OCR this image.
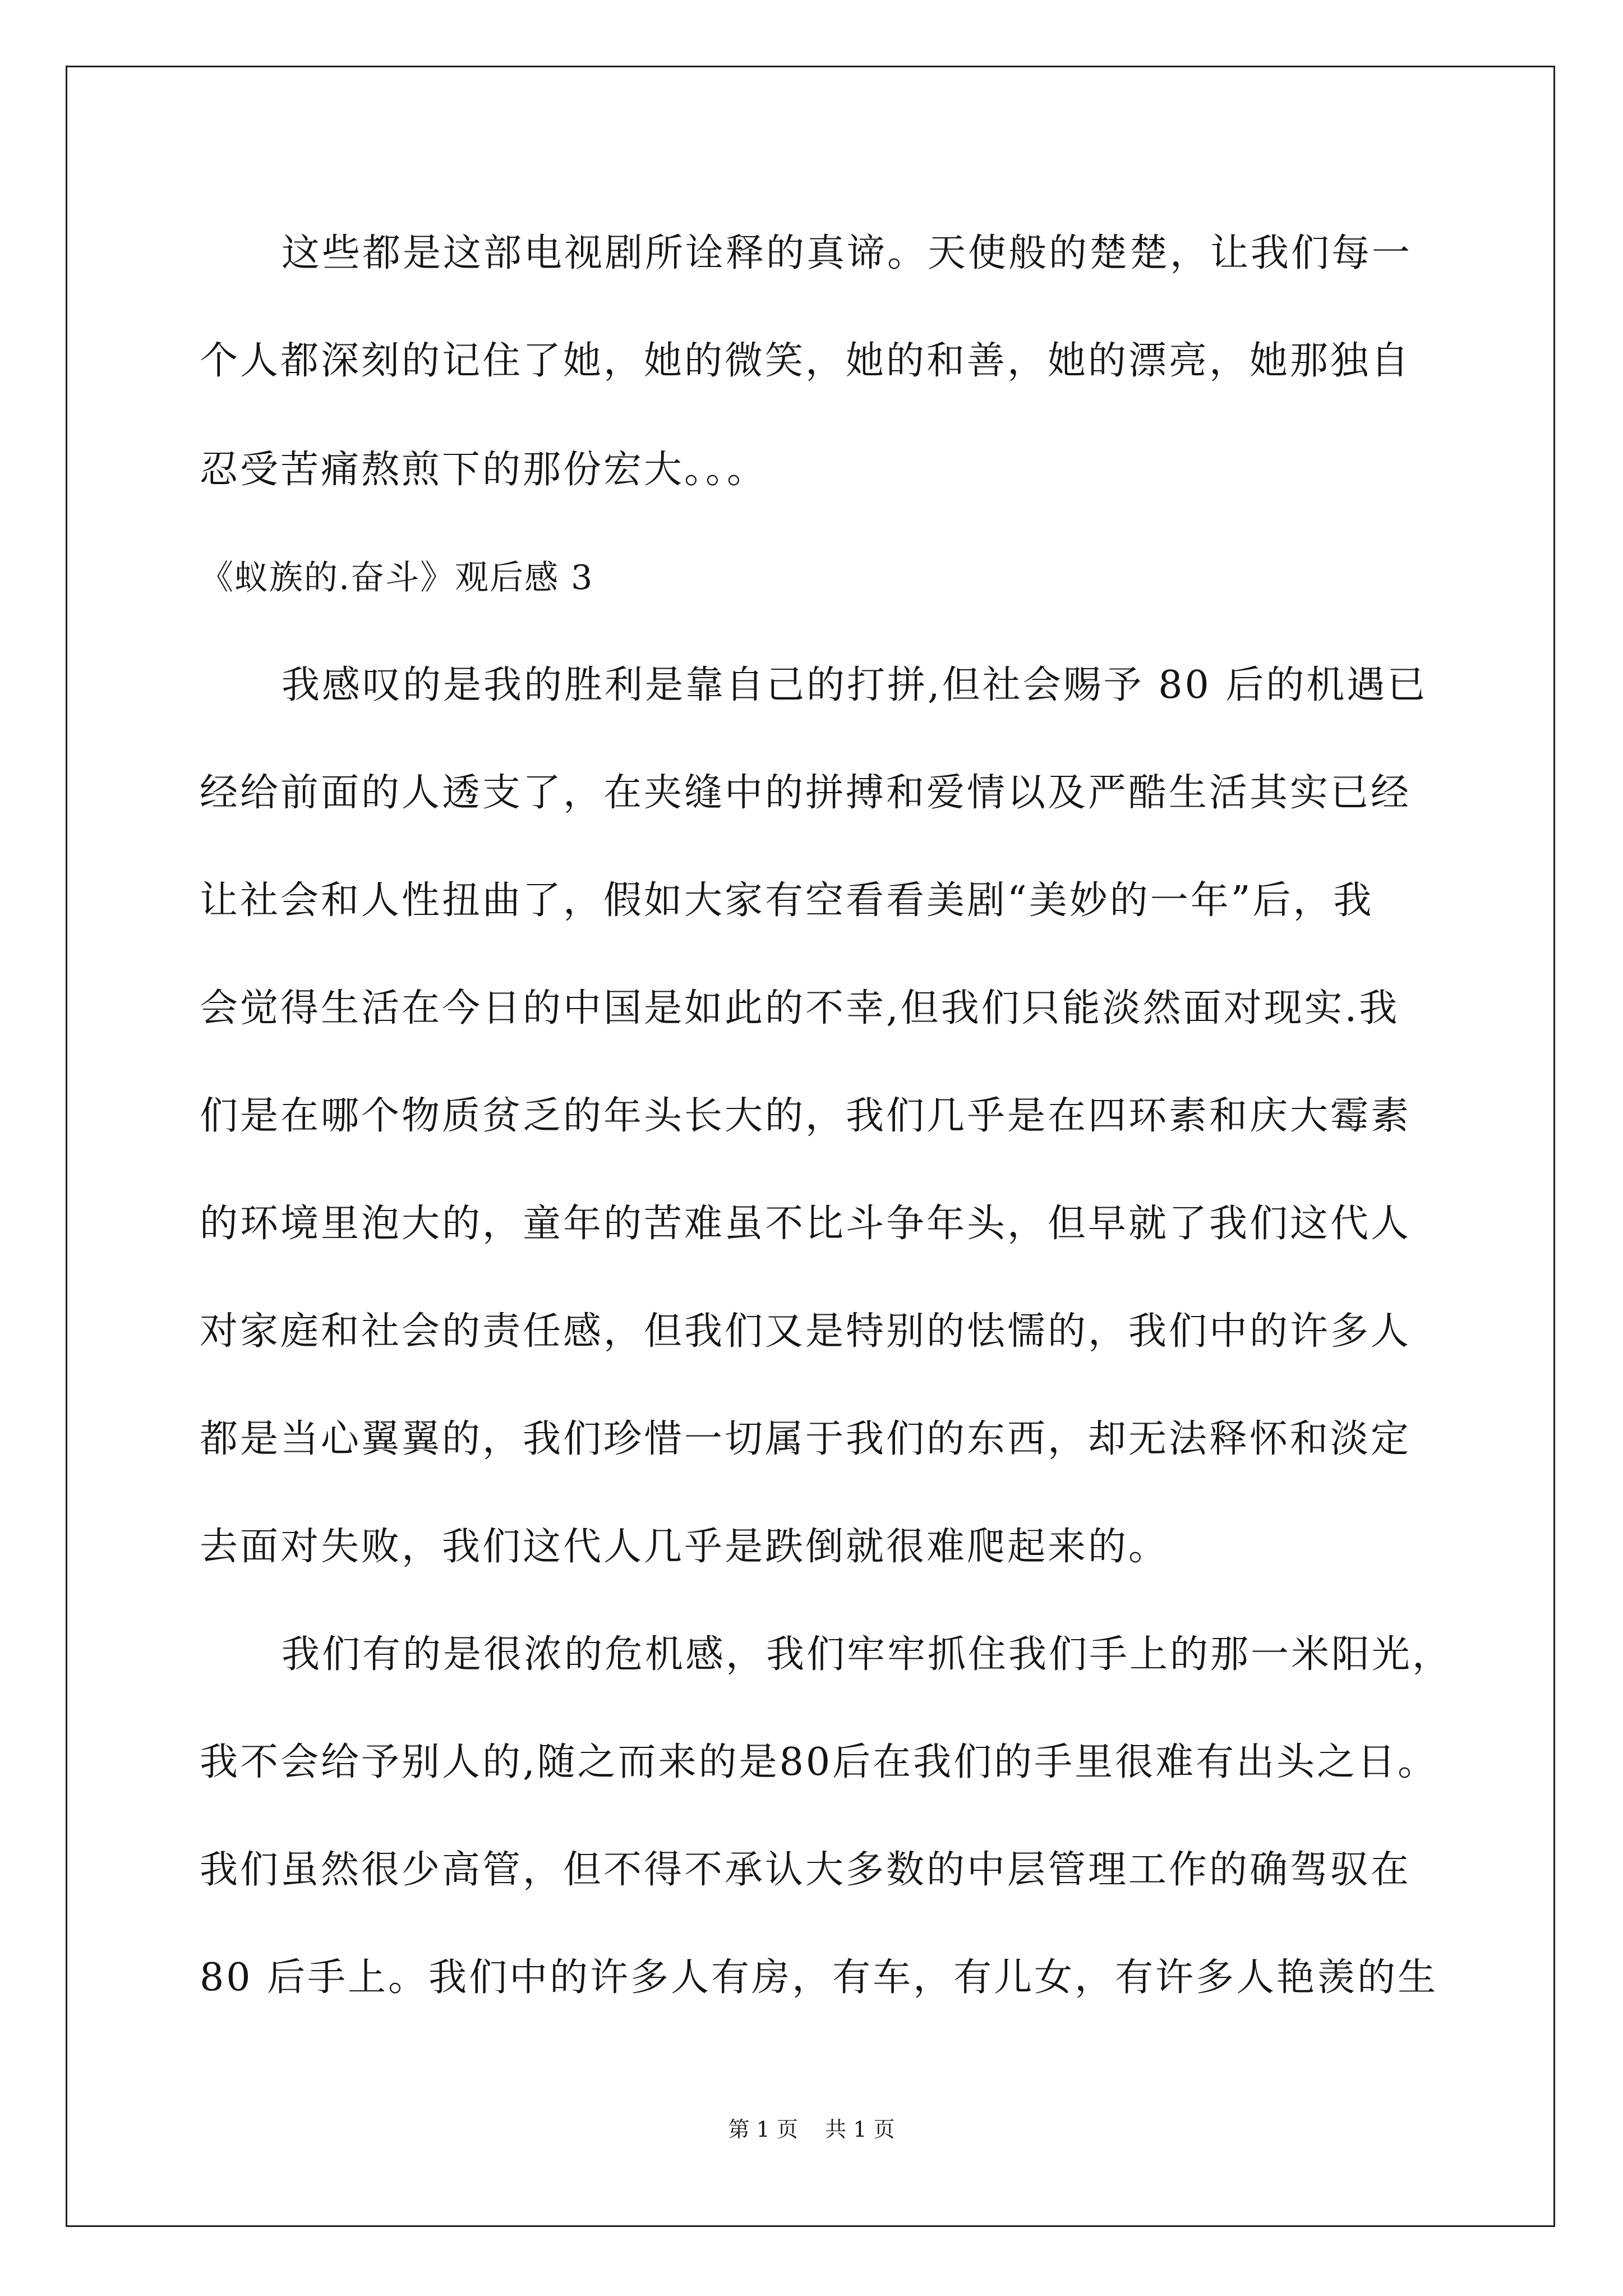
这些都是这部电视剧所诠释的真谛。天使般的楚楚，让我们每一
个人都深刻的记住了她，她的微笑，她的和善，她的漂亮，她那独自
忍受苦痛熬煎下的那份宏大。。。
《蚁族的.奋斗》观后感 3
我感叹的是我的胜利是靠自己的打拼,但社会赐予 80 后的机遇已
经给前面的人透支了，在夹缝中的拼搏和爱情以及严酷生活其实已经
让社会和人性扭曲了，假如大家有空看看美剧“美妙的一年”后，我
会觉得生活在今日的中国是如此的不幸,但我们只能淡然面对现实.我
们是在哪个物质贫乏的年头长大的，我们几乎是在四环素和庆大霉素
的环境里泡大的，童年的苦难虽不比斗争年头，但早就了我们这代人
对家庭和社会的责任感，但我们又是特别的怯懦的，我们中的许多人
都是当心翼翼的，我们珍惜一切属于我们的东西，却无法释怀和淡定
去面对失败，我们这代人几乎是跌倒就很难爬起来的。
我们有的是很浓的危机感，我们牢牢抓住我们手上的那一米阳光，
我不会给予别人的,随之而来的是80后在我们的手里很难有出头之日。
我们虽然很少高管，但不得不承认大多数的中层管理工作的确驾驭在
80 后手上。我们中的许多人有房，有车，有儿女，有许多人艳羡的生
第 1 页    共 1 页
